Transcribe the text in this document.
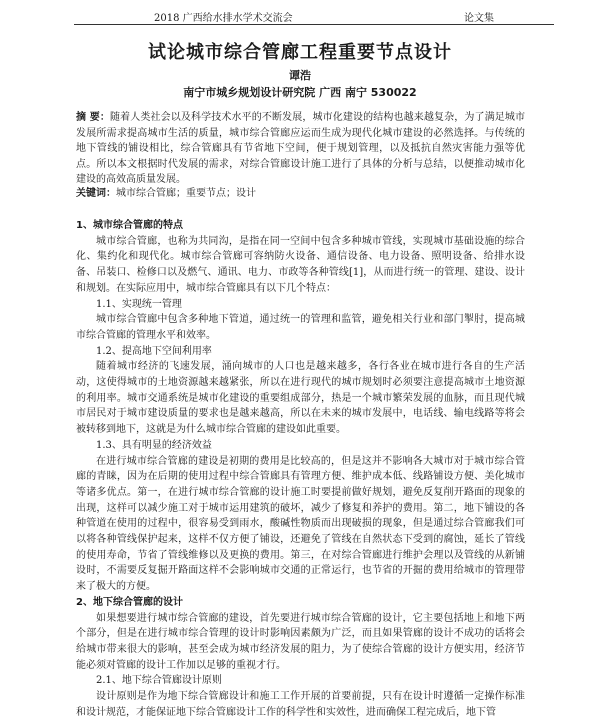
2018 广西给水排水学术交流会	论文集
试论城市综合管廊工程重要节点设计
谭浩
南宁市城乡规划设计研究院 广西 南宁 530022
摘 要：随着人类社会以及科学技术水平的不断发展，城市化建设的结构也越来越复杂，为了满足城市发展所需求提高城市生活的质量，城市综合管廊应运而生成为现代化城市建设的必然选择。与传统的地下管线的铺设相比，综合管廊具有节省地下空间，便于规划管理，以及抵抗自然灾害能力强等优点。所以本文根据时代发展的需求，对综合管廊设计施工进行了具体的分析与总结，以便推动城市化建设的高效高质量发展。
关键词：城市综合管廊；重要节点；设计
1、城市综合管廊的特点

城市综合管廊，也称为共同沟，是指在同一空间中包含多种城市管线，实现城市基础设施的综合化、集约化和现代化。城市综合管廊可容纳防火设备、通信设备、电力设备、照明设备、给排水设备、吊装口、检修口以及燃气、通讯、电力、市政等各种管线[1]，从而进行统一的管理、建设、设计和规划。在实际应用中，城市综合管廊具有以下几个特点：

1.1、实现统一管理

城市综合管廊中包含多种地下管道，通过统一的管理和监管，避免相关行业和部门掣肘，提高城市综合管廊的管理水平和效率。

1.2、提高地下空间利用率

随着城市经济的飞速发展，涌向城市的人口也是越来越多，各行各业在城市进行各自的生产活动，这使得城市的土地资源越来越紧张，所以在进行现代的城市规划时必须要注意提高城市土地资源的利用率。城市交通系统是城市化建设的重要组成部分，热是一个城市繁荣发展的血脉，而且现代城市居民对于城市建设质量的要求也是越来越高，所以在未来的城市发展中，电话线、输电线路等将会被转移到地下，这就是为什么城市综合管廊的建设如此重要。

1.3、具有明显的经济效益

在进行城市综合管廊的建设是初期的费用是比较高的，但是这并不影响各大城市对于城市综合管廊的青睐，因为在后期的使用过程中综合管廊具有管理方便、维护成本低、线路铺设方便、美化城市等诸多优点。第一，在进行城市综合管廊的设计施工时要提前做好规划，避免反复削开路面的现象的出现，这样可以减少施工对于城市运用建筑的破坏，减少了修复和养护的费用。第二，地下铺设的各种管道在使用的过程中，很容易受到雨水，酸碱性物质而出现破损的现象，但是通过综合管廊我们可以将各种管线保护起来，这样不仅方便了铺设，还避免了管线在自然状态下受到的腐蚀，延长了管线的使用寿命，节省了管线维修以及更换的费用。第三，在对综合管廊进行维护会理以及管线的从新铺设时，不需要反复掘开路面这样不会影响城市交通的正常运行，也节省的开掘的费用给城市的管理带来了极大的方便。

2、地下综合管廊的设计

如果想要进行城市综合管廊的建设，首先要进行城市综合管廊的设计，它主要包括地上和地下两个部分，但是在进行城市综合管理的设计时影响因素颇为广泛，而且如果管廊的设计不成功的话将会给城市带来很大的影响，甚至会成为城市经济发展的阻力，为了使综合管廊的设计方便实用，经济节能必须对管廊的设计工作加以足够的重视才行。

2.1、地下综合管廊设计原则

设计原则是作为地下综合管廊设计和施工工作开展的首要前提，只有在设计时遵循一定操作标准和设计规范，才能保证地下综合管廊设计工作的科学性和实效性，进而确保工程完成后，地下管
